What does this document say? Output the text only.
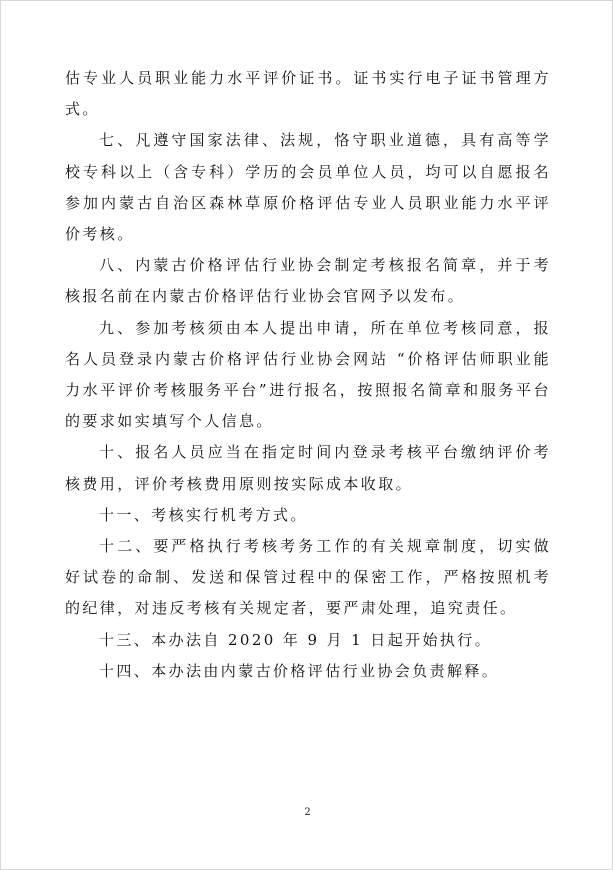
估专业人员职业能力水平评价证书。证书实行电子证书管理方式。

七、凡遵守国家法律、法规，恪守职业道德，具有高等学校专科以上（含专科）学历的会员单位人员，均可以自愿报名参加内蒙古自治区森林草原价格评估专业人员职业能力水平评价考核。

八、内蒙古价格评估行业协会制定考核报名简章，并于考核报名前在内蒙古价格评估行业协会官网予以发布。

九、参加考核须由本人提出申请，所在单位考核同意，报名人员登录内蒙古价格评估行业协会网站 “价格评估师职业能力水平评价考核服务平台”进行报名，按照报名简章和服务平台的要求如实填写个人信息。

十、报名人员应当在指定时间内登录考核平台缴纳评价考核费用，评价考核费用原则按实际成本收取。

十一、考核实行机考方式。

十二、要严格执行考核考务工作的有关规章制度，切实做好试卷的命制、发送和保管过程中的保密工作，严格按照机考的纪律，对违反考核有关规定者，要严肃处理，追究责任。

十三、本办法自 2020 年 9 月 1 日起开始执行。

十四、本办法由内蒙古价格评估行业协会负责解释。

2
